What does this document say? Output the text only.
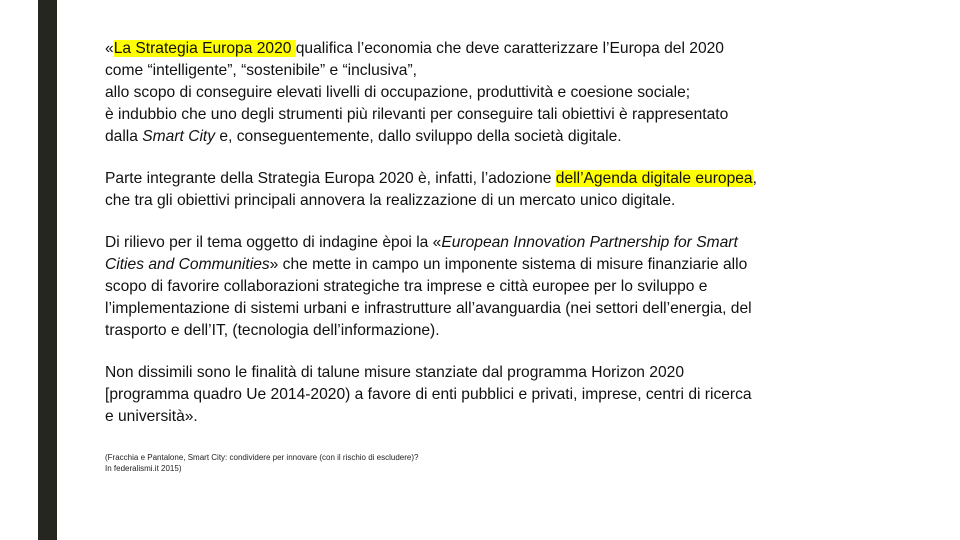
«La Strategia Europa 2020 qualifica l’economia che deve caratterizzare l’Europa del 2020
come “intelligente”, “sostenibile” e “inclusiva”,
allo scopo di conseguire elevati livelli di occupazione, produttività e coesione sociale;
è indubbio che uno degli strumenti più rilevanti per conseguire tali obiettivi è rappresentato
dalla Smart City e, conseguentemente, dallo sviluppo della società digitale.

Parte integrante della Strategia Europa 2020 è, infatti, l’adozione dell’Agenda digitale europea,
che tra gli obiettivi principali annovera la realizzazione di un mercato unico digitale.

Di rilievo per il tema oggetto di indagine èpoi la «European Innovation Partnership for Smart
Cities and Communities» che mette in campo un imponente sistema di misure finanziarie allo
scopo di favorire collaborazioni strategiche tra imprese e città europee per lo sviluppo e
l’implementazione di sistemi urbani e infrastrutture all’avanguardia (nei settori dell’energia, del
trasporto e dell’IT, (tecnologia dell’informazione).

Non dissimili sono le finalità di talune misure stanziate dal programma Horizon 2020
[programma quadro Ue 2014-2020) a favore di enti pubblici e privati, imprese, centri di ricerca
e università».

(Fracchia e Pantalone, Smart City: condividere per innovare (con il rischio di escludere)?
In federalismi.it 2015)
